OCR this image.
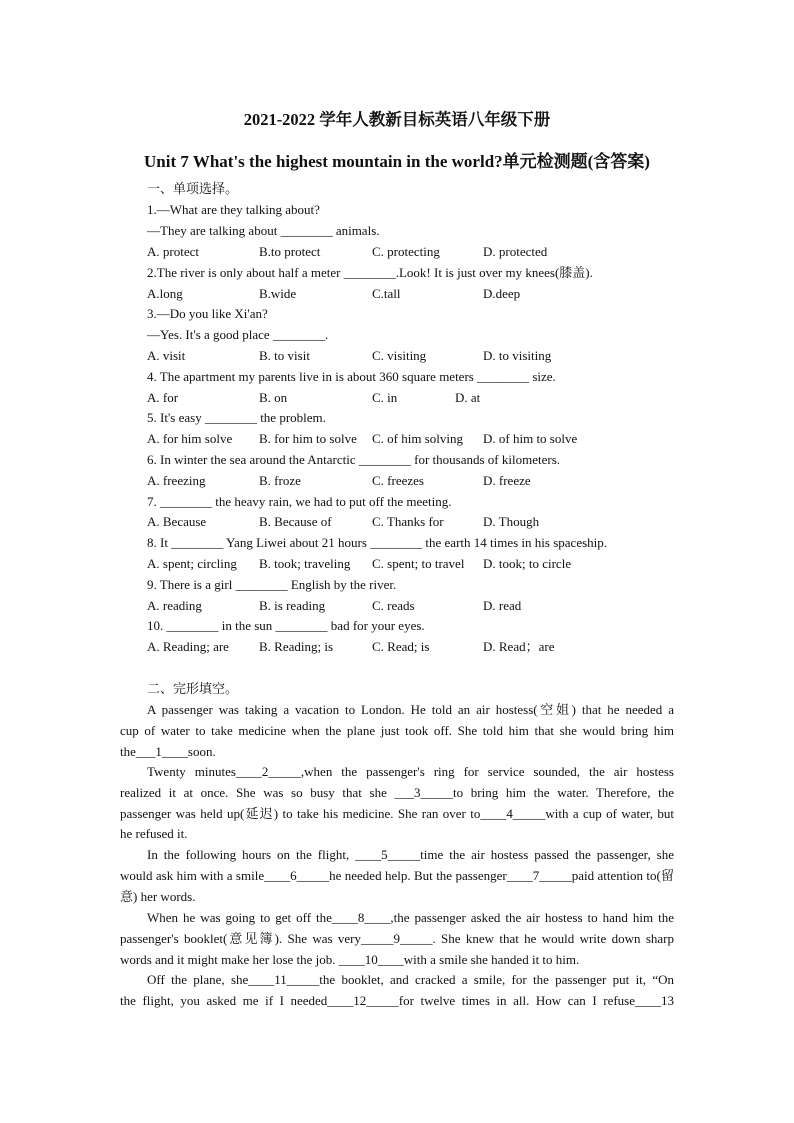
2021-2022 学年人教新目标英语八年级下册
Unit 7 What's the highest mountain in the world?单元检测题(含答案)
一、单项选择。
1.—What are they talking about?
—They are talking about ________ animals.
A. protect	B.to protect	C. protecting	D. protected
2.The river is only about half a meter ________.Look! It is just over my knees(膝盖).
A.long	B.wide	C.tall	D.deep
3.—Do you like Xi'an?
—Yes. It's a good place ________.
A. visit	B. to visit	C. visiting	D. to visiting
4. The apartment my parents live in is about 360 square meters ________ size.
A. for	B. on	C. in	D. at
5. It's easy ________ the problem.
A. for him solve B. for him to solve C. of him solving D. of him to solve
6. In winter the sea around the Antarctic ________ for thousands of kilometers.
A. freezing	B. froze	C. freezes	D. freeze
7. ________ the heavy rain, we had to put off the meeting.
A. Because	B. Because of	C. Thanks for	D. Though
8. It ________ Yang Liwei about 21 hours ________ the earth 14 times in his spaceship.
A. spent; circling B. took; traveling C. spent; to travel D. took; to circle
9. There is a girl ________ English by the river.
A. reading	B. is reading	C. reads	D. read
10. ________ in the sun ________ bad for your eyes.
A. Reading; are B. Reading; is	C. Read; is	D. Read；are
二、完形填空。
A passenger was taking a vacation to London. He told an air hostess(空姐) that he needed a
cup of water to take medicine when the plane just took off. She told him that she would bring him
the___1____soon.
Twenty minutes____2_____,when the passenger's ring for service sounded, the air hostess
realized it at once. She was so busy that she ___3_____to bring him the water. Therefore, the
passenger was held up(延迟) to take his medicine. She ran over to____4_____with a cup of water, but
he refused it.
In the following hours on the flight, ____5_____time the air hostess passed the passenger, she
would ask him with a smile____6_____he needed help. But the passenger____7_____paid attention to(留
意) her words.
When he was going to get off the____8____,the passenger asked the air hostess to hand him the
passenger's booklet(意见簿). She was very_____9_____. She knew that he would write down sharp
words and it might make her lose the job. ____10____with a smile she handed it to him.
Off the plane, she____11_____the booklet, and cracked a smile, for the passenger put it, “On
the flight, you asked me if I needed____12_____for twelve times in all. How can I refuse____13
